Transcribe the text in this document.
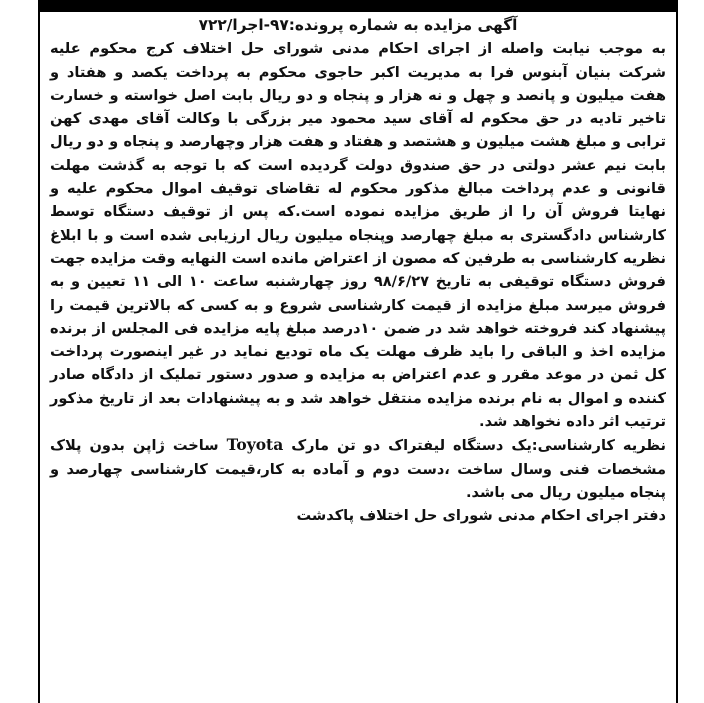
آگهی مزایده به شماره پرونده:۹۷-اجرا/۷۲۲

به موجب نیابت واصله از اجرای احکام مدنی شورای حل اختلاف کرج محکوم علیه شرکت بنیان آبنوس فرا به مدیریت اکبر حاجوی محکوم به پرداخت یکصد و هفتاد و هفت میلیون و پانصد و چهل و نه هزار و پنجاه و دو ریال بابت اصل خواسته و خسارت تاخیر تادیه در حق محکوم له آقای سید محمود میر بزرگی با وکالت آقای مهدی کهن ترابی و مبلغ هشت میلیون و هشتصد و هفتاد و هفت هزار وچهارصد و پنجاه و دو ریال بابت نیم عشر دولتی در حق صندوق دولت گردیده است که با توجه به گذشت مهلت قانونی و عدم پرداخت مبالغ مذکور محکوم له تقاضای توقیف اموال محکوم علیه و نهایتا فروش آن را از طریق مزایده نموده است.که پس از توقیف دستگاه توسط کارشناس دادگستری به مبلغ چهارصد وپنجاه میلیون ریال ارزیابی شده است و با ابلاغ نظریه کارشناسی به طرفین که مصون از اعتراض مانده است النهایه وقت مزایده جهت فروش دستگاه توقیفی به تاریخ ۹۸/۶/۲۷ روز چهارشنبه ساعت ۱۰ الی ۱۱ تعیین و به فروش میرسد مبلغ مزایده از قیمت کارشناسی شروع و به کسی که بالاترین قیمت را پیشنهاد کند فروخته خواهد شد در ضمن ۱۰درصد مبلغ پایه مزایده فی المجلس از برنده مزایده اخذ و الباقی را باید ظرف مهلت یک ماه تودیع نماید در غیر اینصورت پرداخت کل ثمن در موعد مقرر و عدم اعتراض به مزایده و صدور دستور تملیک از دادگاه صادر کننده و اموال به نام برنده مزایده منتقل خواهد شد و به پیشنهادات بعد از تاریخ مذکور ترتیب اثر داده نخواهد شد.

نظریه کارشناسی:یک دستگاه لیفتراک دو تن مارک Toyota ساخت ژاپن بدون پلاک مشخصات فنی وسال ساخت ،دست دوم و آماده به کار،قیمت کارشناسی چهارصد و پنجاه میلیون ریال می باشد.

دفتر اجرای احکام مدنی شورای حل اختلاف پاکدشت
